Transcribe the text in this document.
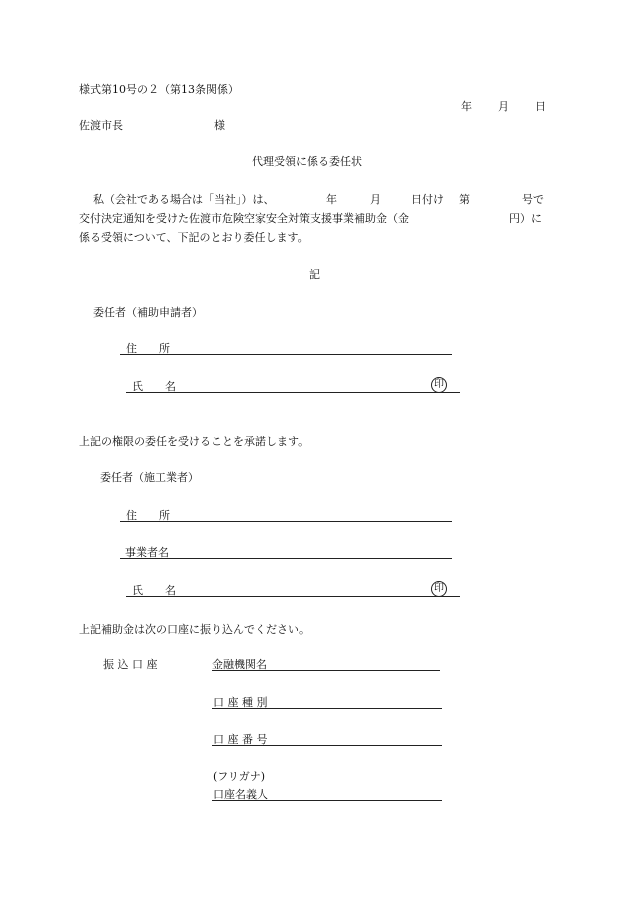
様式第10号の２（第13条関係）
年 月 日
佐渡市長	様
代理受領に係る委任状
私（会社である場合は「当社」）は、	年	月	日付け 第	号で
交付決定通知を受けた佐渡市危険空家安全対策支援事業補助金（金	円）に
係る受領について、下記のとおり委任します。
記
委任者（補助申請者）
住　　所
氏　　名	印
上記の権限の委任を受けることを承諾します。
委任者（施工業者）
住　　所
事業者名
氏　　名	印
上記補助金は次の口座に振り込んでください。
振 込 口 座	金融機関名
口 座 種 別
口 座 番 号
(フリガナ)
口座名義人
